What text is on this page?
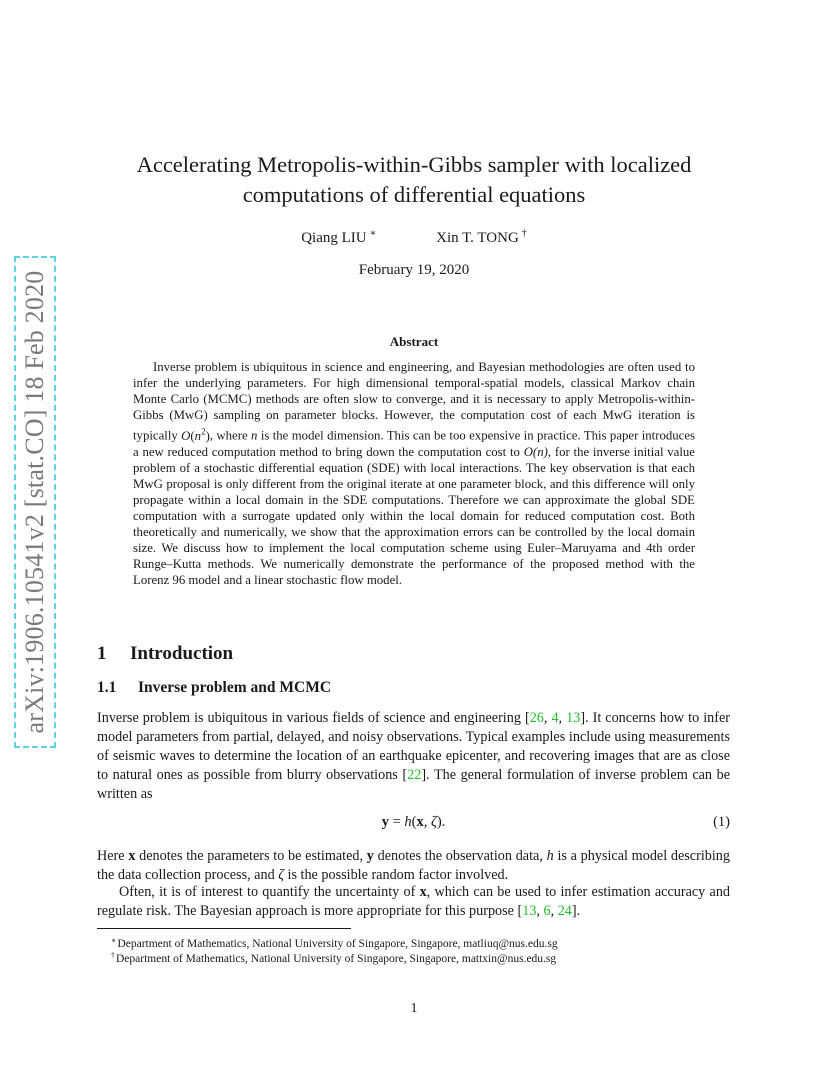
arXiv:1906.10541v2 [stat.CO] 18 Feb 2020
Accelerating Metropolis-within-Gibbs sampler with localized
computations of differential equations
Qiang LIU ∗	Xin T. TONG †
February 19, 2020
Abstract

Inverse problem is ubiquitous in science and engineering, and Bayesian methodologies are often used to infer the underlying parameters. For high dimensional temporal-spatial models, classical Markov chain Monte Carlo (MCMC) methods are often slow to converge, and it is necessary to apply Metropolis-within-Gibbs (MwG) sampling on parameter blocks. However, the computation cost of each MwG iteration is typically $O(n^2)$, where n is the model dimension. This can be too expensive in practice. This paper introduces a new reduced computation method to bring down the computation cost to O(n), for the inverse initial value problem of a stochastic differential equation (SDE) with local interactions. The key observation is that each MwG proposal is only different from the original iterate at one parameter block, and this difference will only propagate within a local domain in the SDE computations. Therefore we can approximate the global SDE computation with a surrogate updated only within the local domain for reduced computation cost. Both theoretically and numerically, we show that the approximation errors can be controlled by the local domain size. We discuss how to implement the local computation scheme using Euler–Maruyama and 4th order Runge–Kutta methods. We numerically demonstrate the performance of the proposed method with the Lorenz 96 model and a linear stochastic flow model.

1 Introduction
1.1 Inverse problem and MCMC

Inverse problem is ubiquitous in various fields of science and engineering [26, 4, 13]. It concerns how to infer model parameters from partial, delayed, and noisy observations. Typical examples include using measurements of seismic waves to determine the location of an earthquake epicenter, and recovering images that are as close to natural ones as possible from blurry observations [22]. The general formulation of inverse problem can be written as

y = h(x, ζ).	(1)

Here x denotes the parameters to be estimated, y denotes the observation data, h is a physical model describing the data collection process, and ζ is the possible random factor involved.

Often, it is of interest to quantify the uncertainty of x, which can be used to infer estimation accuracy and regulate risk. The Bayesian approach is more appropriate for this purpose [13, 6, 24].

∗Department of Mathematics, National University of Singapore, Singapore, matliuq@nus.edu.sg
†Department of Mathematics, National University of Singapore, Singapore, mattxin@nus.edu.sg
1
